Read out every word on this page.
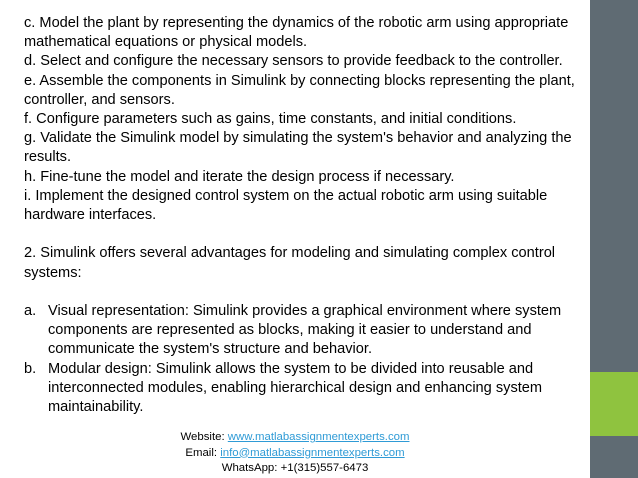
c. Model the plant by representing the dynamics of the robotic arm using appropriate mathematical equations or physical models.

d. Select and configure the necessary sensors to provide feedback to the controller.

e. Assemble the components in Simulink by connecting blocks representing the plant, controller, and sensors.

f. Configure parameters such as gains, time constants, and initial conditions.

g. Validate the Simulink model by simulating the system's behavior and analyzing the results.

h. Fine-tune the model and iterate the design process if necessary.

i. Implement the designed control system on the actual robotic arm using suitable hardware interfaces.

2. Simulink offers several advantages for modeling and simulating complex control systems:

a. Visual representation: Simulink provides a graphical environment where system components are represented as blocks, making it easier to understand and communicate the system's structure and behavior.
b. Modular design: Simulink allows the system to be divided into reusable and interconnected modules, enabling hierarchical design and enhancing system maintainability.
Website: www.matlabassignmentexperts.com
Email: info@matlabassignmentexperts.com
WhatsApp: +1(315)557-6473
